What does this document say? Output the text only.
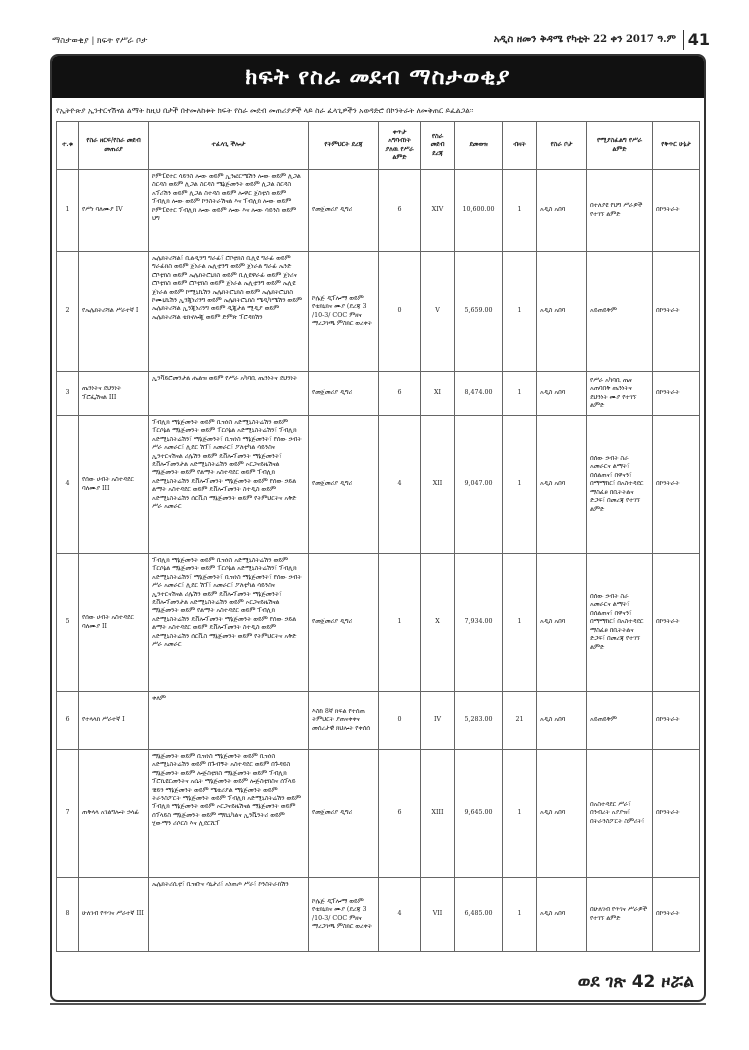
ማስታወቂያ | ክፍት የሥራ ቦታ	አዲስ ዘመን ቅዳሜ የካቲት 22 ቀን 2017 ዓ.ም 41
ክፍት የስራ መደብ ማስታወቂያ
የኢትዮጵያ ኢንተርናሽናል ልማት ከዚህ በታች በተመለከቱት ክፍት የስራ መደብ መጠሪያዎች ላይ ስራ ፈላጊዎችን አወዳድሮ በኮንትራት ለመቅጠር ይፈልጋል፡፡
ተ.ቁ	የስራ ዘርፍ/የስራ መደብ መጠሪያ	ተፈላጊ ችሎታ	የትምህርት ደረጃ	ቀጥታ አግባብነት ያለዉ የሥራ ልምድ	የስራ መደብ ደረጃ	ደመወዝ	ብዛት	የስራ ቦታ	የሚያስፈልግ የሥራ ልምድ	የቅጥር ሁኔታ
1	የሥነ ባለሙያ IV	ኮምፒዩተር ሳይንስ ሎው ወይም ኢንፎርሜሽን ሎው ወይም ሊጋል ስርዳስ ወይም ሊጋል ስርዳስ ሜኔጅመንት ወይም ሊጋል ስርዳስ አፕሪሽን ወይም ሊጋል ስተዳስ ወይም ሎዋር ጀስቲስ ወይም ፕብሊክ ሎው ወይም ኮንስትራሽናል እና ፕብሊክ ሎው ወይም ኮምፒዩተር ፕብሊክ ሎው ወይም ሎው እና ሎው ሳይንስ ወይም ህግ	የመጀመሪያ ዲግሪ	6	XIV	10,600.00	1	አዲስ አበባ	በተለያዩ የህግ ሥራዎች የተገኘ ልምድ	በኮንትራት
2	የኤሌክትሪሻል ሥራተኛ I	ኤሌክትሪሻል፣ ቢልዲንግ ግራፊ፣ ሮቦቲክስ ቢሊዩ ግራፊ ወይም ግራፊክስ ወይም ጀነራል ኤሊቲንግ ወይም ጀነራል ግራፊ ኤንድ ሮቦቲክስ ወይም ኤሌክትሮኒክስ ወይም ቢሊዩዋራፊ ወይም ጀነሪና ሮቦቲክስ ወይም ሮቦቲክስ ወይም ጀነራል ኤሊቲንግ ወይም ኤሊዩ ጀነራል ወይም ኮሚኒኬሽን ኤሌክትሮኒክስ ወይም ኤሌክትሮኒክስ ኮሙኒኬሽን ኢንጂነሪንግ ወይም ኤሌክትሮኒክስ ሜዲካሜሽን ወይም ኤሌክትሪሻል ኢንጂነሪንግ ወይም ዲጂታል ሚዲያ ወይም ኤሌክትሪሻል ቴክኖሎጂ ወይም ድምጽ ፕሮዳክሽን	ኮሌጅ ዲፕሎማ ወይም የቴክኒክና ሙያ (ደረጃ 3 /10-3/ COC ምዘና ማረጋገጫ ምስክር ወረቀት	0	V	5,659.00	1	አዲስ አበባ	አይጠይቅም	በኮንትራት
3	ጤንነትና ደህንነት ፕሮፌሽናል III	ኢንቫይሮመንታል ሔልዝ ወይም የሥራ አካባቢ ጤንነትና ደህንነት	የመጀመሪያ ዲግሪ	6	XI	8,474.00	1	አዲስ አበባ	የሥራ አካባቢ ጤና አጠባበቅ ጤንነትና ደህንነት ሙያ የተገኘ ልምድ	በኮንትራት
4	የሰው ሀብት አስተዳደር ባለሙያ III	ፕብሊክ ማኔጅመንት ወይም ቢዝነስ አድሚኒስትሬሽን ወይም ፐርሶኔል ማኔጅመንት ወይም ፐርሶኔል አድሚኒስትሬሽን፣ ፕብሊክ አድሚኒስትሬሽን፣ ማኔጅመንት፣ ቢዝነስ ማኔጅመንት፣ የሰው ኃብት ሥራ አመራር፣ ሊደር ሽፕ፣ አመራር፣ ፖለቲካል ሳይንስና ኢንተርናሽናል ሪሌሽን ወይም ዴቨሎፕመንት ማኔጅመንት፣ ዴቨሎፕመንታል አድሚኒስትሬሽን ወይም ኦርጋናይዜሽናል ማኔጅመንት ወይም የልማት አስተዳደር ወይም ፕብሊክ አድሚኒስትሬሽን ዴቨሎፕመንት ማኔጅመንት ወይም የሰው ኃይል ልማት አስተዳደር ወይም ዴቨሎፕመንት ስተዲስ ወይም አድሚኒስትሬሽን ሰርቪስ ማኔጅመንት ወይም የትምህርትና አቅድ ሥራ አመራር	የመጀመሪያ ዲግሪ	4	XII	9,047.00	1	አዲስ አበባ	በሰው ኃብት ስራ አመራርና ልማት፣ በሰልጠና፣ በዋናን፣ በማማከር፣ በአስተዳደር ማስፈፀ በቢትትልና ድጋፍ፣ በመረጃ የተገኘ ልምድ	በኮንትራት
5	የሰው ሀብት አስተዳደር ባለሙያ II	ፕብሊክ ማኔጅመንት ወይም ቢዝነስ አድሚኒስትሬሽን ወይም ፐርሶኔል ማኔጅመንት ወይም ፐርሶኔል አድሚኒስትሬሽን፣ ፕብሊክ አድሚኒስትሬሽን፣ ማኔጅመንት፣ ቢዝነስ ማኔጅመንት፣ የሰው ኃብት ሥራ አመራር፣ ሊደር ሽፕ፣ አመራር፣ ፖለቲካል ሳይንስና ኢንተርናሽናል ሪሌሽን ወይም ዴቨሎፕመንት ማኔጅመንት፣ ዴቨሎፕመንታል አድሚኒስትሬሽን ወይም ኦርጋናይዜሽናል ማኔጅመንት ወይም የልማት አስተዳደር ወይም ፕብሊክ አድሚኒስትሬሽን ዴቨሎፕመንት ማኔጅመንት ወይም የሰው ኃይል ልማት አስተዳደር ወይም ዴቨሎፕመንት ስተዲስ ወይም አድሚኒስትሬሽን ሰርቪስ ማኔጅመንት ወይም የትምህርትና አቅድ ሥራ አመራር	የመጀመሪያ ዲግሪ	1	X	7,934.00	1	አዲስ አበባ	በሰው ኃብት ስራ አመራርና ልማት፣ በሰልጠና፣ በዋናን፣ በማማከር፣ በአስተዳደር ማስፈፀ በቢትትልና ድጋፍ፣ በመረጃ የተገኘ ልምድ	በኮንትራት
6	የተላላክ ሥራተኛ I	ቀለም	እስከ 8ኛ ክፍል የተሰጠ ትምህርት ያጠናቀቀና መሰረታዊ ክህሎት የቀሰሰ	0	IV	5,283.00	21	አዲስ አበባ	አይጠይቅም	በኮንትራት
7	ጠቅላላ አገልግሎት ኃላፊ	ማኔጅመንት ወይም ቢዝነስ ማኔጅመንት ወይም ቢዝነስ አድሚኒስትሬሽን ወይም በጉብኝት አስተዳደር ወይም በጉዳይስ ማኔጅመንት ወይም ሎጅስቲክስ ማኔጅመንት ወይም ፕብሊክ ፕሮኪዩርመንትና አሴት ማኔጅመንት ወይም ሎጅስቲክስና ሰፕላይ ቼይን ማኔጅመንት ወይም ሜቴሪያል ማኔጅመንት ወይም ትራንስፖርት ማኔጅመንት ወይም ፕብሊክ አድሚኒስትሬሽን ወይም ፕብሊክ ማኔጅመንት ወይም ኦርጋናይዜሽናል ማኔጅመንት ወይም ሰፕላይስ ማኔጅመንት ወይም ማኬኒካልና ኢንቬንትሪ ወይም ሂውማን ሪሶርስ እና ሊደርሺፕ	የመጀመሪያ ዲግሪ	6	XIII	9,645.00	1	አዲስ አበባ	በአስተዳደር ሥራ፣ በንብረት አያያዝ፣ በትራንስፖርት ስምሪት፣	በኮንትራት
8	ሁለገብ የጥገና ሥራተኛ III	ኤሌክትሪሲቲ፣ ቢዝቡና ሳኒታሪ፣ አነጠጦ ሥራ፣ ኮንስትራክሽን	ኮሌጅ ዲፕሎማ ወይም የቴክኒክና ሙያ (ደረጃ 3 /10-3/ COC ምዘና ማረጋገጫ ምስክር ወረቀት	4	VII	6,485.00	1	አዲስ አበባ	በሁለገብ የጥገና ሥራዎች የተገኘ ልምድ	በኮንትራት
ወደ ገጽ 42 ዞሯል
